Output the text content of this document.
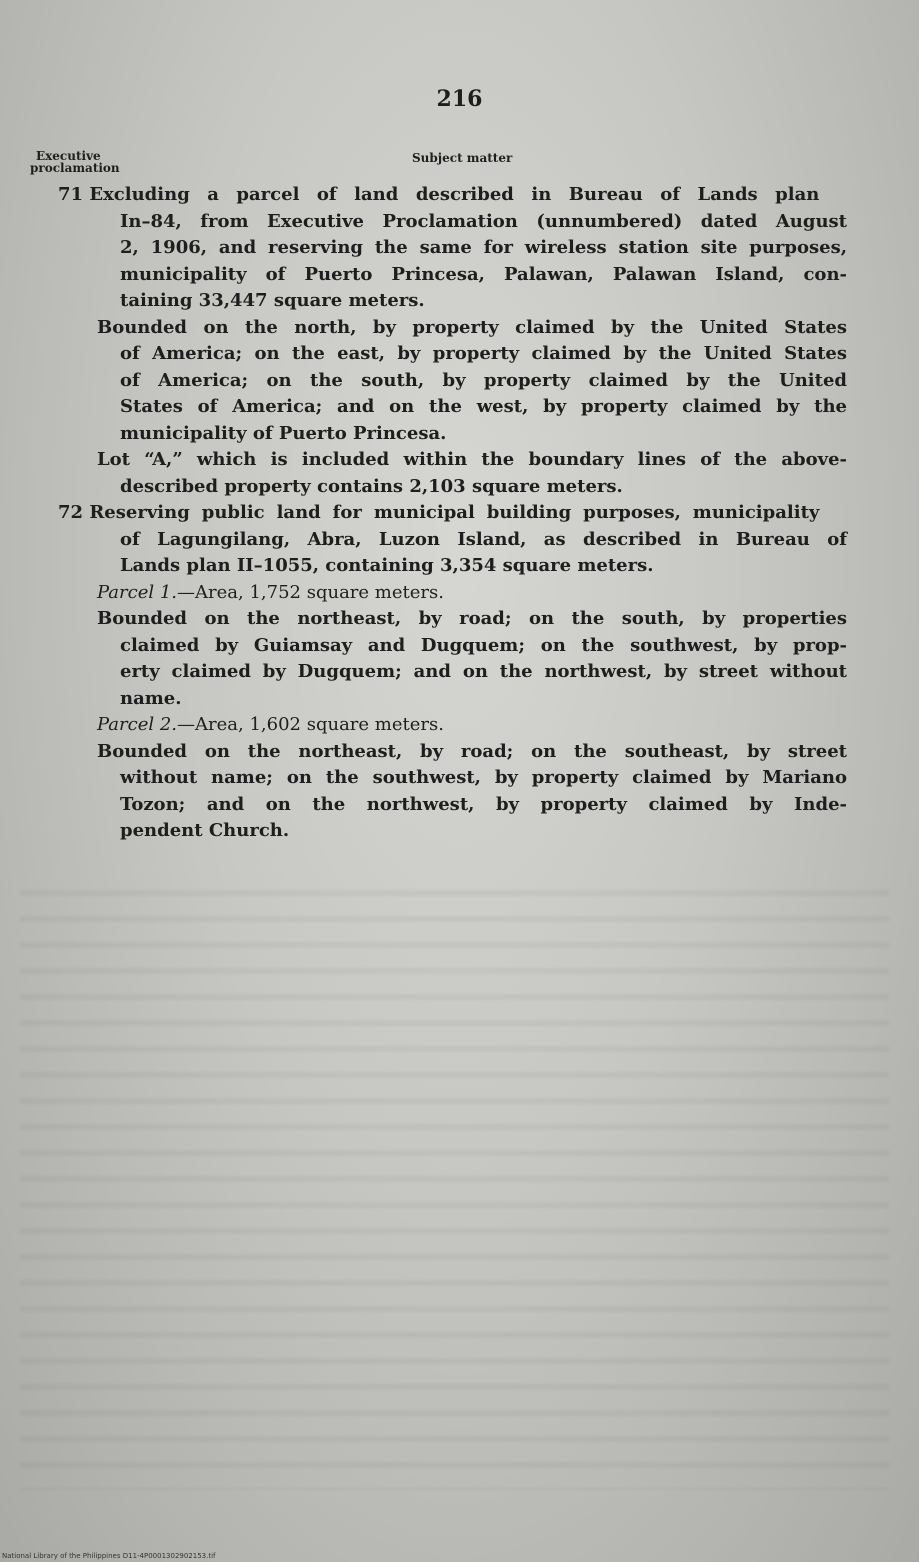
216
Executive
proclamation
Subject matter
71 Excluding a parcel of land described in Bureau of Lands plan
In–84, from Executive Proclamation (unnumbered) dated August
2, 1906, and reserving the same for wireless station site purposes,
municipality of Puerto Princesa, Palawan, Palawan Island, con-
taining 33,447 square meters.
Bounded on the north, by property claimed by the United States
of America; on the east, by property claimed by the United States
of America; on the south, by property claimed by the United
States of America; and on the west, by property claimed by the
municipality of Puerto Princesa.
Lot “A,” which is included within the boundary lines of the above-
described property contains 2,103 square meters.
72 Reserving public land for municipal building purposes, municipality
of Lagungilang, Abra, Luzon Island, as described in Bureau of
Lands plan II–1055, containing 3,354 square meters.
Parcel 1.—Area, 1,752 square meters.
Bounded on the northeast, by road; on the south, by properties
claimed by Guiamsay and Dugquem; on the southwest, by prop-
erty claimed by Dugquem; and on the northwest, by street without
name.
Parcel 2.—Area, 1,602 square meters.
Bounded on the northeast, by road; on the southeast, by street
without name; on the southwest, by property claimed by Mariano
Tozon; and on the northwest, by property claimed by Inde-
pendent Church.
National Library of the Philippines D11-4P0001302902153.tif
